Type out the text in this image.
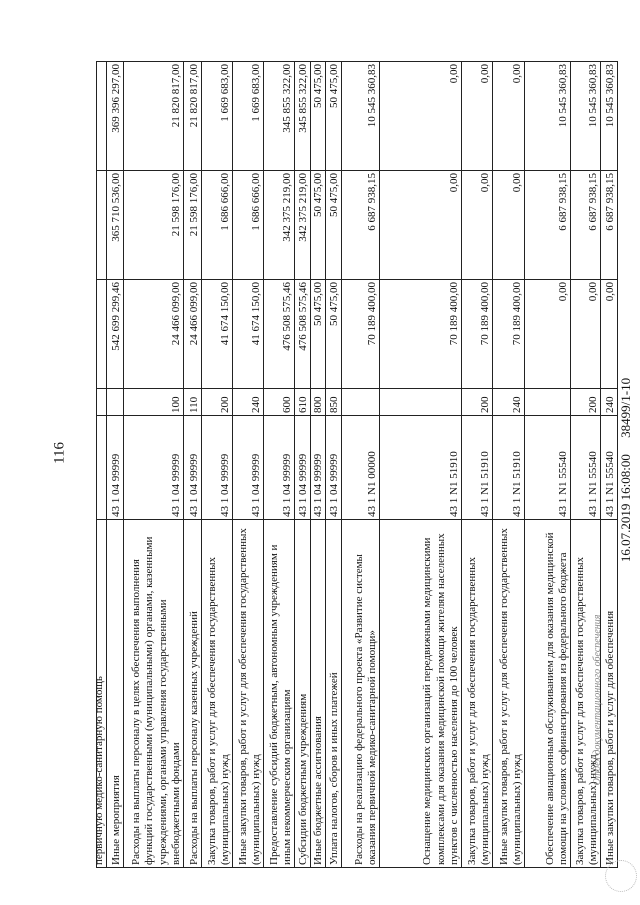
116
первичную медико-санитарную помощь Иные мероприятия
43 1 04 99999
542 699 299,46
365 710 536,00
369 396 297,00
Расходы на выплаты персоналу в целях обеспечения выполнения функций государственными (муниципальными) органами, казенными учреждениями, органами управления государственными внебюджетными фондами
43 1 04 99999
100
24 466 099,00
21 598 176,00
21 820 817,00
Расходы на выплаты персоналу казенных учреждений
43 1 04 99999
110
24 466 099,00
21 598 176,00
21 820 817,00
Закупка товаров, работ и услуг для обеспечения государственных (муниципальных) нужд
43 1 04 99999
200
41 674 150,00
1 686 666,00
1 669 683,00
Иные закупки товаров, работ и услуг для обеспечения государственных (муниципальных) нужд
43 1 04 99999
240
41 674 150,00
1 686 666,00
1 669 683,00
Предоставление субсидий бюджетным, автономным учреждениям и иным некоммерческим организациям
43 1 04 99999
600
476 508 575,46
342 375 219,00
345 855 322,00
Субсидии бюджетным учреждениям
43 1 04 99999
610
476 508 575,46
342 375 219,00
345 855 322,00
Иные бюджетные ассигнования
43 1 04 99999
800
50 475,00
50 475,00
50 475,00
Уплата налогов, сборов и иных платежей
43 1 04 99999
850
50 475,00
50 475,00
50 475,00
Расходы на реализацию федерального проекта «Развитие системы оказания первичной медико-санитарной помощи»
43 1 N1 00000
70 189 400,00
6 687 938,15
10 545 360,83
Оснащение медицинских организаций передвижными медицинскими комплексами для оказания медицинской помощи жителям населенных пунктов с численностью населения до 100 человек
43 1 N1 51910
70 189 400,00
0,00
0,00
Закупка товаров, работ и услуг для обеспечения государственных (муниципальных) нужд
43 1 N1 51910
200
70 189 400,00
0,00
0,00
Иные закупки товаров, работ и услуг для обеспечения государственных (муниципальных) нужд
43 1 N1 51910
240
70 189 400,00
0,00
0,00
Обеспечение авиационным обслуживанием для оказания медицинской помощи на условиях софинансирования из федерального бюджета
43 1 N1 55540
0,00
6 687 938,15
10 545 360,83
Закупка товаров, работ и услуг для обеспечения государственных (муниципальных) нужд
43 1 N1 55540
200
0,00
6 687 938,15
10 545 360,83
Иные закупки товаров, работ и услуг для обеспечения
43 1 N1 55540
240
0,00
6 687 938,15
10 545 360,83
16.07.2019 16:08:00     38499/1-10
Отдел документационного обеспечения
